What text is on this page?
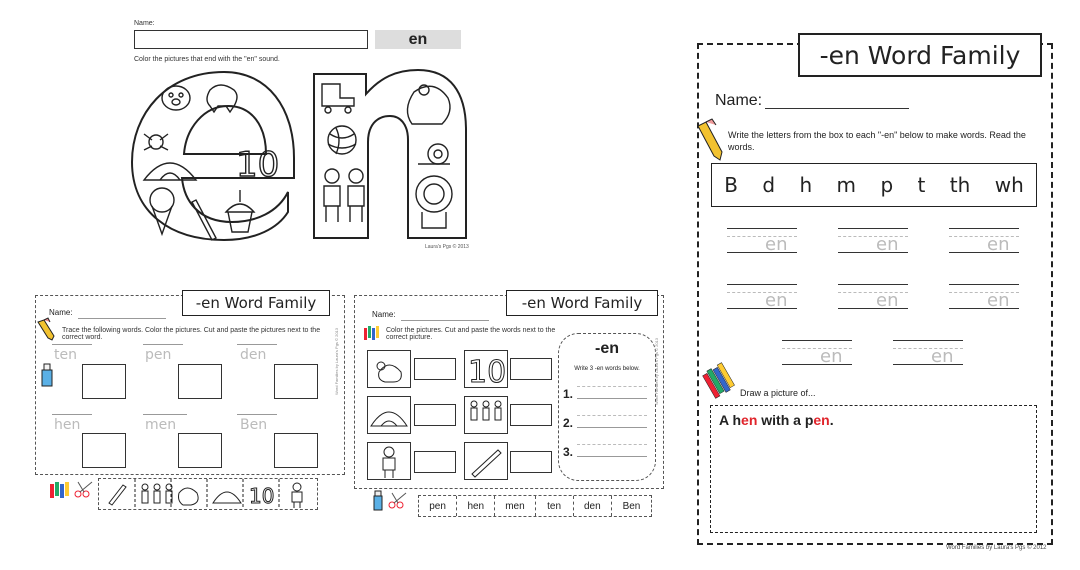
Name:
en
Color the pictures that end with the "en" sound.
10
Laura's Pgs © 2013
-en Word Family
Name:
Trace the following words. Color the pictures. Cut and paste the pictures next to the correct word.
ten	pen	den
hen	men	Ben
10
Word Families by Laura's Pgs © 2013
-en Word Family
Name:
Color the pictures. Cut and paste the words next to the correct picture.
10
-en
Write 3 -en words below.
1.
2.
3.
pen	hen	men	ten	den	Ben
Word Families by Laura's Pgs © 2013
-en Word Family
Name:
Write the letters from the box to each "-en" below to make words. Read the words.
B d h m p t th wh
en	en	en
en	en	en
en	en
Draw a picture of...
A hen with a pen.
Word Families by Laura's Pgs © 2012
